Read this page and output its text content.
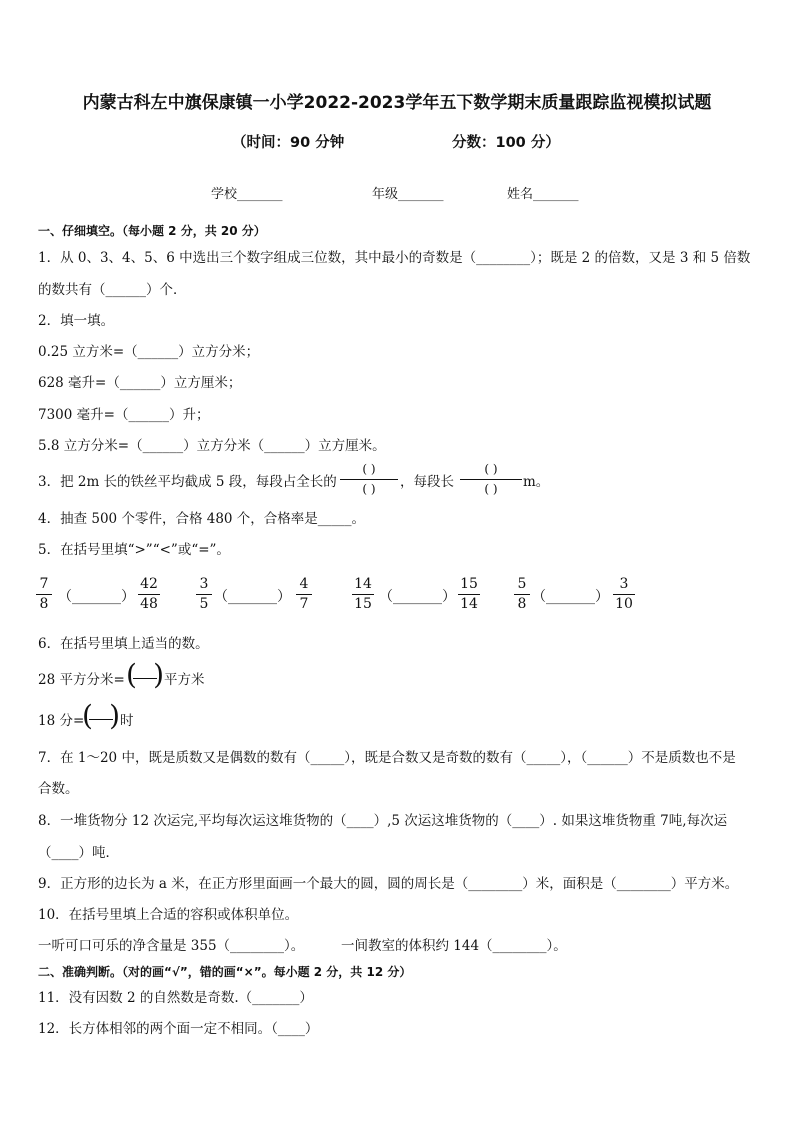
内蒙古科左中旗保康镇一小学2022-2023学年五下数学期末质量跟踪监视模拟试题
（时间：90 分钟	分数：100 分）
学校_______	年级_______	姓名_______
一、仔细填空。（每小题 2 分，共 20 分）
1．从 0、3、4、5、6 中选出三个数字组成三位数，其中最小的奇数是（________）；既是 2 的倍数，又是 3 和 5 倍数
的数共有（______）个．
2．填一填。
0.25 立方米=（______）立方分米；
628 毫升=（______）立方厘米；
7300 毫升=（______）升；
5.8 立方分米=（______）立方分米（______）立方厘米。
3．把 2m 长的铁丝平均截成 5 段，每段占全长的
( )
( )	，每段长
( )
( )	m。
4．抽查 500 个零件，合格 480 个，合格率是_____。
5．在括号里填“>”“<”或“=”。
7
8 （_______）
42
48
3
5 （_______）
4
7
14
15 （_______）
15
14
5
8 （_______）
3
10
6．在括号里填上适当的数。
28 平方分米= ( ) 平方米
18 分=
( ) 时
7．在 1～20 中，既是质数又是偶数的数有（_____），既是合数又是奇数的数有（_____），（______）不是质数也不是
合数。
8．一堆货物分 12 次运完,平均每次运这堆货物的（____）,5 次运这堆货物的（____）. 如果这堆货物重 7吨,每次运
（____）吨．
9．正方形的边长为 a 米，在正方形里面画一个最大的圆，圆的周长是（________）米，面积是（________）平方米。
10．在括号里填上合适的容积或体积单位。
一听可口可乐的净含量是 355（________）。	一间教室的体积约 144（________）。
二、准确判断。（对的画“√”，错的画“×”。每小题 2 分，共 12 分）
11．没有因数 2 的自然数是奇数.（_______）
12．长方体相邻的两个面一定不相同。（____）
